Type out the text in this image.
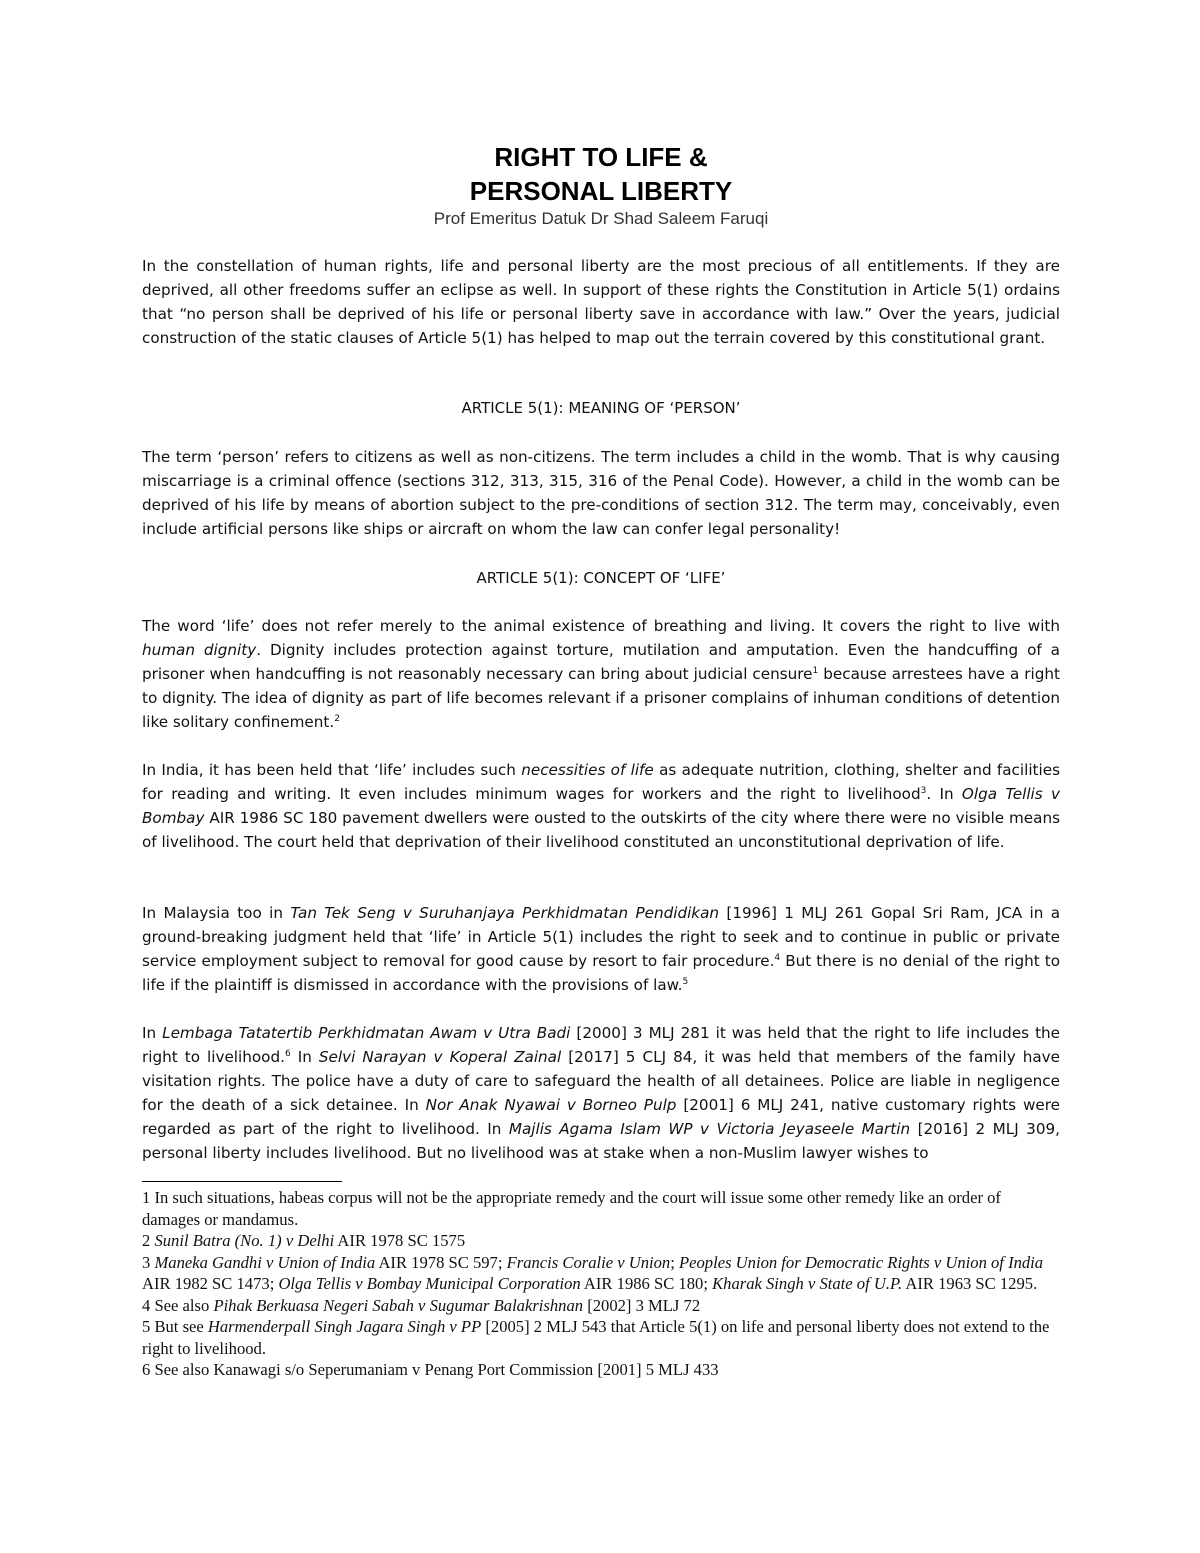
RIGHT TO LIFE &
PERSONAL LIBERTY
Prof Emeritus Datuk Dr Shad Saleem Faruqi

In the constellation of human rights, life and personal liberty are the most precious of all entitlements. If they are deprived, all other freedoms suffer an eclipse as well. In support of these rights the Constitution in Article 5(1) ordains that “no person shall be deprived of his life or personal liberty save in accordance with law.” Over the years, judicial construction of the static clauses of Article 5(1) has helped to map out the terrain covered by this constitutional grant.

ARTICLE 5(1): MEANING OF ‘PERSON’

The term ‘person’ refers to citizens as well as non-citizens. The term includes a child in the womb. That is why causing miscarriage is a criminal offence (sections 312, 313, 315, 316 of the Penal Code). However, a child in the womb can be deprived of his life by means of abortion subject to the pre-conditions of section 312. The term may, conceivably, even include artificial persons like ships or aircraft on whom the law can confer legal personality!

ARTICLE 5(1): CONCEPT OF ‘LIFE’

The word ‘life’ does not refer merely to the animal existence of breathing and living. It covers the right to live with human dignity. Dignity includes protection against torture, mutilation and amputation. Even the handcuffing of a prisoner when handcuffing is not reasonably necessary can bring about judicial censure$^1$ because arrestees have a right to dignity. The idea of dignity as part of life becomes relevant if a prisoner complains of inhuman conditions of detention like solitary confinement.$^2$

In India, it has been held that ‘life’ includes such necessities of life as adequate nutrition, clothing, shelter and facilities for reading and writing. It even includes minimum wages for workers and the right to livelihood$^3$. In Olga Tellis v Bombay AIR 1986 SC 180 pavement dwellers were ousted to the outskirts of the city where there were no visible means of livelihood. The court held that deprivation of their livelihood constituted an unconstitutional deprivation of life.

In Malaysia too in Tan Tek Seng v Suruhanjaya Perkhidmatan Pendidikan [1996] 1 MLJ 261 Gopal Sri Ram, JCA in a ground-breaking judgment held that ‘life’ in Article 5(1) includes the right to seek and to continue in public or private service employment subject to removal for good cause by resort to fair procedure.$^4$ But there is no denial of the right to life if the plaintiff is dismissed in accordance with the provisions of law.$^5$

In Lembaga Tatatertib Perkhidmatan Awam v Utra Badi [2000] 3 MLJ 281 it was held that the right to life includes the right to livelihood.$^6$ In Selvi Narayan v Koperal Zainal [2017] 5 CLJ 84, it was held that members of the family have visitation rights. The police have a duty of care to safeguard the health of all detainees. Police are liable in negligence for the death of a sick detainee. In Nor Anak Nyawai v Borneo Pulp [2001] 6 MLJ 241, native customary rights were regarded as part of the right to livelihood. In Majlis Agama Islam WP v Victoria Jeyaseele Martin [2016] 2 MLJ 309, personal liberty includes livelihood. But no livelihood was at stake when a non-Muslim lawyer wishes to

1 In such situations, habeas corpus will not be the appropriate remedy and the court will issue some other remedy like an order of damages or mandamus.

2 Sunil Batra (No. 1) v Delhi AIR 1978 SC 1575

3 Maneka Gandhi v Union of India AIR 1978 SC 597; Francis Coralie v Union; Peoples Union for Democratic Rights v Union of India AIR 1982 SC 1473; Olga Tellis v Bombay Municipal Corporation AIR 1986 SC 180; Kharak Singh v State of U.P. AIR 1963 SC 1295.

4 See also Pihak Berkuasa Negeri Sabah v Sugumar Balakrishnan [2002] 3 MLJ 72

5 But see Harmenderpall Singh Jagara Singh v PP [2005] 2 MLJ 543 that Article 5(1) on life and personal liberty does not extend to the right to livelihood.

6 See also Kanawagi s/o Seperumaniam v Penang Port Commission [2001] 5 MLJ 433
